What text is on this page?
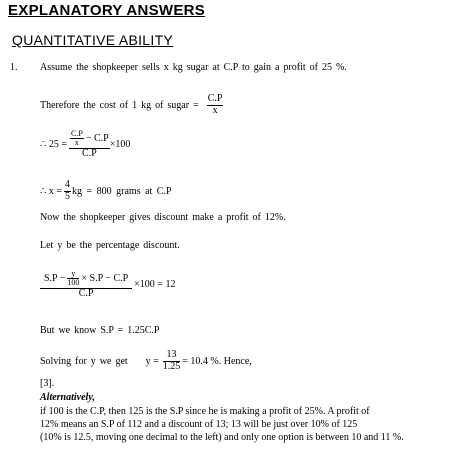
EXPLANATORY ANSWERS
QUANTITATIVE ABILITY
1. Assume the shopkeeper sells x kg sugar at C.P to gain a profit of 25 %.
Therefore the cost of 1 kg of sugar = $\frac{C.P}{x}$
∴ $25 = \frac{\frac{C.P}{x} - C.P}{C.P} \times 100$
∴ $x = \frac{4}{5}$ kg = 800 grams at C.P
Now the shopkeeper gives discount make a profit of 12%.
Let y be the percentage discount.
$\frac{S.P - \frac{y}{100} \times S.P - C.P}{C.P} \times 100 = 12$
But we know S.P = 1.25C.P
Solving for y we get $y = \frac{13}{1.25} = 10.4$ %. Hence,
[3].
Alternatively,
if 100 is the C.P, then 125 is the S.P since he is making a profit of 25%. A profit of
12% means an S.P of 112 and a discount of 13; 13 will be just over 10% of 125
(10% is 12.5, moving one decimal to the left) and only one option is between 10 and 11 %.
